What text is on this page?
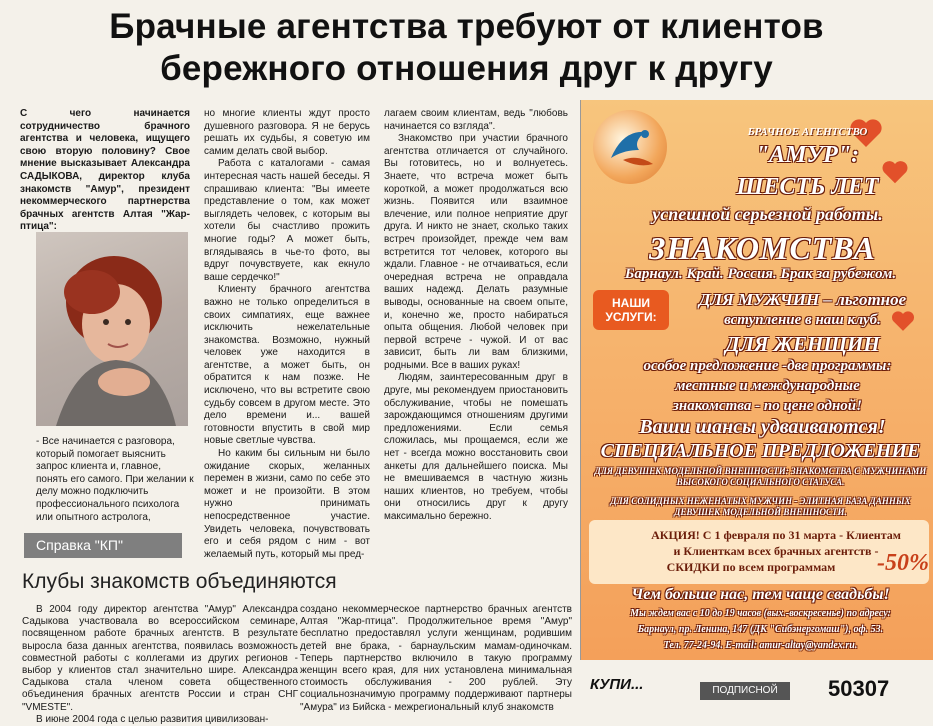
Брачные агентства требуют от клиентов
бережного отношения друг к другу
С чего начинается сотрудничество брачного агентства и человека, ищущего свою вторую половину? Свое мнение высказывает Александра САДЫКОВА, директор клуба знакомств "Амур", президент некоммерческого партнерства брачных агентств Алтая "Жар-птица":
- Все начинается с разговора, который помогает выяснить запрос клиента и, главное, понять его самого. При желании к делу можно подключить профессионального психолога или опытного астролога,

но многие клиенты ждут просто душевного разговора. Я не берусь решать их судьбы, я советую им самим делать свой выбор.

Работа с каталогами - самая интересная часть нашей беседы. Я спрашиваю клиента: "Вы имеете представление о том, как может выглядеть человек, с которым вы хотели бы счастливо прожить многие годы? А может быть, вглядываясь в чье-то фото, вы вдруг почувствуете, как екнуло ваше сердечко!"

Клиенту брачного агентства важно не только определиться в своих симпатиях, еще важнее исключить нежелательные знакомства. Возможно, нужный человек уже находится в агентстве, а может быть, он обратится к нам позже. Не исключено, что вы встретите свою судьбу совсем в другом месте. Это дело времени и... вашей готовности впустить в свой мир новые светлые чувства.

Но каким бы сильным ни было ожидание скорых, желанных перемен в жизни, само по себе это может и не произойти. В этом нужно принимать непосредственное участие. Увидеть человека, почувствовать его и себя рядом с ним - вот желаемый путь, который мы пред-

лагаем своим клиентам, ведь "любовь начинается со взгляда".

Знакомство при участии брачного агентства отличается от случайного. Вы готовитесь, но и волнуетесь. Знаете, что встреча может быть короткой, а может продолжаться всю жизнь. Появится или взаимное влечение, или полное неприятие друг друга. И никто не знает, сколько таких встреч произойдет, прежде чем вам встретится тот человек, которого вы ждали. Главное - не отчаиваться, если очередная встреча не оправдала ваших надежд. Делать разумные выводы, основанные на своем опыте, и, конечно же, просто набираться опыта общения. Любой человек при первой встрече - чужой. И от вас зависит, быть ли вам близкими, родными. Все в ваших руках!

Людям, заинтересованным друг в друге, мы рекомендуем приостановить обслуживание, чтобы не помешать зарождающимся отношениям другими предложениями. Если семья сложилась, мы прощаемся, если же нет - всегда можно восстановить свои анкеты для дальнейшего поиска. Мы не вмешиваемся в частную жизнь наших клиентов, но требуем, чтобы они относились друг к другу максимально бережно.

Справка "КП"
Клубы знакомств объединяются

В 2004 году директор агентства "Амур" Александра Садыкова участвовала во всероссийском семинаре, посвященном работе брачных агентств. В результате выросла база данных агентства, появилась возможность совместной работы с коллегами из других регионов - выбор у клиентов стал значительно шире. Александра Садыкова стала членом совета общественного объединения брачных агентств России и стран СНГ "VMESTE".

В июне 2004 года с целью развития цивилизован-

создано некоммерческое партнерство брачных агентств Алтая "Жар-птица". Продолжительное время "Амур" бесплатно предоставлял услуги женщинам, родившим детей вне брака, - барнаульским мамам-одиночкам. Теперь партнерство включило в такую программу женщин всего края, для них установлена минимальная стоимость обслуживания - 200 рублей. Эту социальнозначимую программу поддерживают партнеры "Амура" из Бийска - межрегиональный клуб знакомств

БРАЧНОЕ АГЕНТСТВО
"АМУР":
ШЕСТЬ ЛЕТ
успешной серьезной работы.
ЗНАКОМСТВА
Барнаул. Край. Россия. Брак за рубежом.
НАШИ УСЛУГИ:
ДЛЯ МУЖЧИН – льготное
вступление в наш клуб.
ДЛЯ ЖЕНЩИН
особое предложение -две программы:
местные и международные
знакомства - по цене одной!
Ваши шансы удваиваются!
СПЕЦИАЛЬНОЕ ПРЕДЛОЖЕНИЕ
ДЛЯ ДЕВУШЕК МОДЕЛЬНОЙ ВНЕШНОСТИ: ЗНАКОМСТВА С МУЖЧИНАМИ ВЫСОКОГО СОЦИАЛЬНОГО СТАТУСА.
ДЛЯ СОЛИДНЫХ НЕЖЕНАТЫХ МУЖЧИН - ЭЛИТНАЯ БАЗА ДАННЫХ ДЕВУШЕК МОДЕЛЬНОЙ ВНЕШНОСТИ.
АКЦИЯ! С 1 февраля по 31 марта - Клиентам
и Клиенткам всех брачных агентств -
СКИДКИ по всем программам	-50%
Чем больше нас, тем чаще свадьбы!
Мы ждем вас с 10 до 19 часов (вых.-воскресенье) по адресу:
Барнаул, пр. Ленина, 147 (ДК "Сибэнергомаш"), оф. 53.
Тел. 77-24-94. E-mail: amur-altay@yandex.ru.
КУПИ...	ПОДПИСНОЙ	50307
